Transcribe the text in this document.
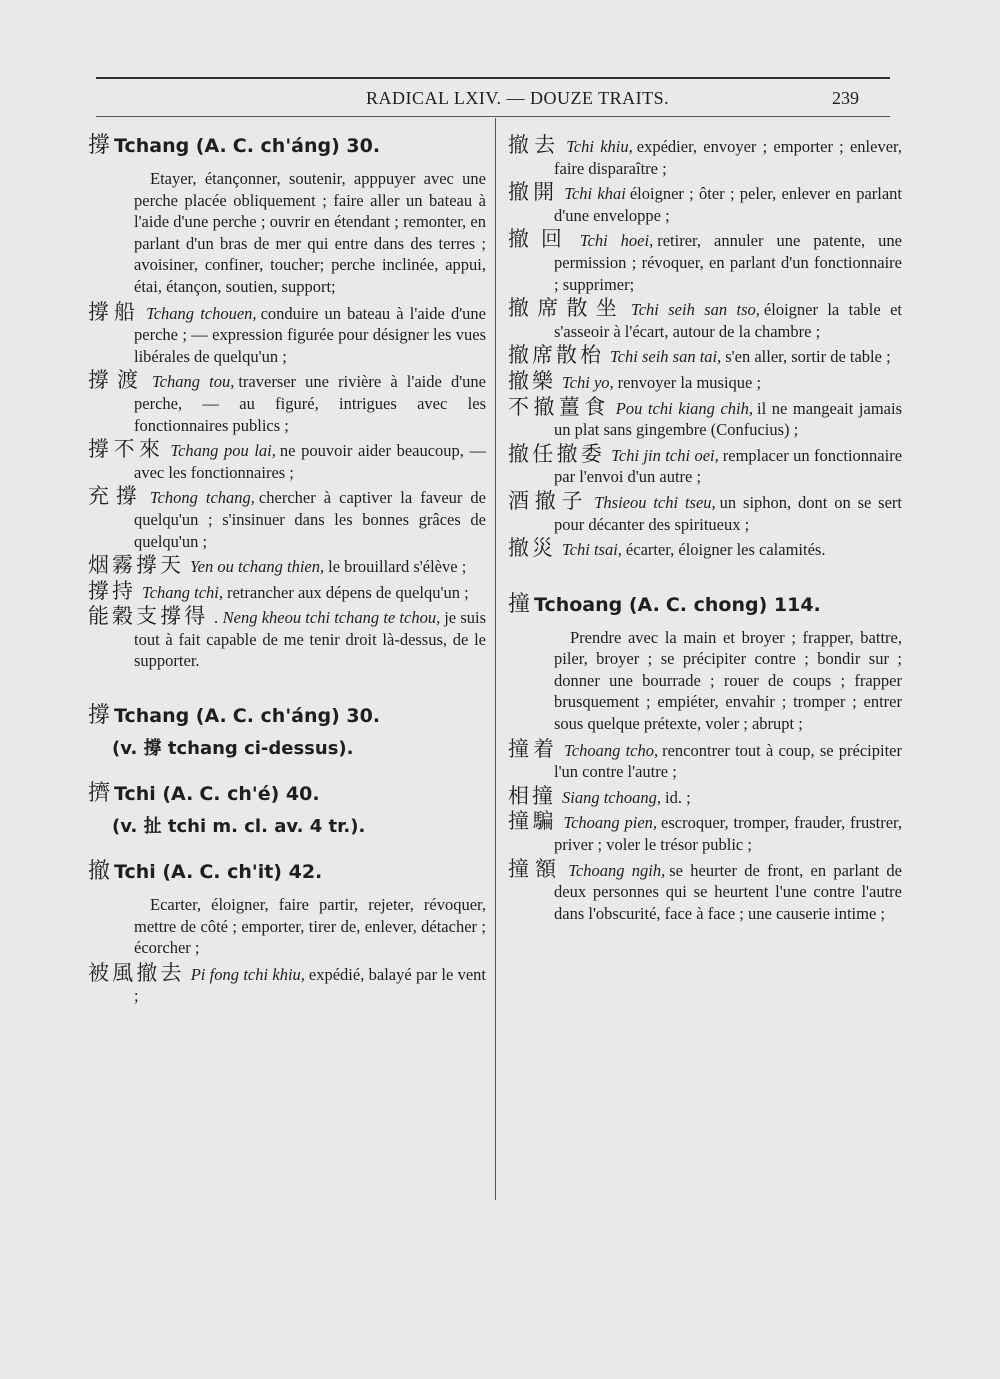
RADICAL LXIV. — DOUZE TRAITS.	239
撐 Tchang (A. C. ch'áng) 30.
Etayer, étançonner, soutenir, apppuyer avec une perche placée obliquement ; faire aller un bateau à l'aide d'une perche ; ouvrir en étendant ; remonter, en parlant d'un bras de mer qui entre dans des terres ; avoisiner, confiner, toucher; perche inclinée, appui, étai, étançon, soutien, support;
撐船 Tchang tchouen, conduire un bateau à l'aide d'une perche ; — expression figurée pour désigner les vues libérales de quelqu'un ;
撐渡 Tchang tou, traverser une rivière à l'aide d'une perche, — au figuré, intrigues avec les fonctionnaires publics ;
撐不來 Tchang pou lai, ne pouvoir aider beaucoup, — avec les fonctionnaires ;
充撐 Tchong tchang, chercher à captiver la faveur de quelqu'un ; s'insinuer dans les bonnes grâces de quelqu'un ;
烟霧撐天 Yen ou tchang thien, le brouillard s'élève ;
撐持 Tchang tchi, retrancher aux dépens de quelqu'un ;
能穀支撐得 . Neng kheou tchi tchang te tchou, je suis tout à fait capable de me tenir droit là-dessus, de le supporter.
撐 Tchang (A. C. ch'áng) 30.
(v. 撐 tchang ci-dessus).
擠 Tchi (A. C. ch'é) 40.
(v. 扯 tchi m. cl. av. 4 tr.).
撤 Tchi (A. C. ch'it) 42.
Ecarter, éloigner, faire partir, rejeter, révoquer, mettre de côté ; emporter, tirer de, enlever, détacher ; écorcher ;
被風撤去 Pi fong tchi khiu, expédié, balayé par le vent ;
撤去 Tchi khiu, expédier, envoyer ; emporter ; enlever, faire disparaître ;
撤開 Tchi khai éloigner ; ôter ; peler, enlever en parlant d'une enveloppe ;
撤回 Tchi hoei, retirer, annuler une patente, une permission ; révoquer, en parlant d'un fonctionnaire ; supprimer;
撤席散坐 Tchi seih san tso, éloigner la table et s'asseoir à l'écart, autour de la chambre ;
撤席散枱 Tchi seih san tai, s'en aller, sortir de table ;
撤樂 Tchi yo, renvoyer la musique ;
不撤薑食 Pou tchi kiang chih, il ne mangeait jamais un plat sans gingembre (Confucius) ;
撤任撤委 Tchi jin tchi oei, remplacer un fonctionnaire par l'envoi d'un autre ;
酒撤子 Thsieou tchi tseu, un siphon, dont on se sert pour décanter des spiritueux ;
撤災 Tchi tsai, écarter, éloigner les calamités.
撞 Tchoang (A. C. chong) 114.
Prendre avec la main et broyer ; frapper, battre, piler, broyer ; se précipiter contre ; bondir sur ; donner une bourrade ; rouer de coups ; frapper brusquement ; empiéter, envahir ; tromper ; entrer sous quelque prétexte, voler ; abrupt ;
撞着 Tchoang tcho, rencontrer tout à coup, se précipiter l'un contre l'autre ;
相撞 Siang tchoang, id. ;
撞騙 Tchoang pien, escroquer, tromper, frauder, frustrer, priver ; voler le trésor public ;
撞額 Tchoang ngih, se heurter de front, en parlant de deux personnes qui se heurtent l'une contre l'autre dans l'obscurité, face à face ; une causerie intime ;
